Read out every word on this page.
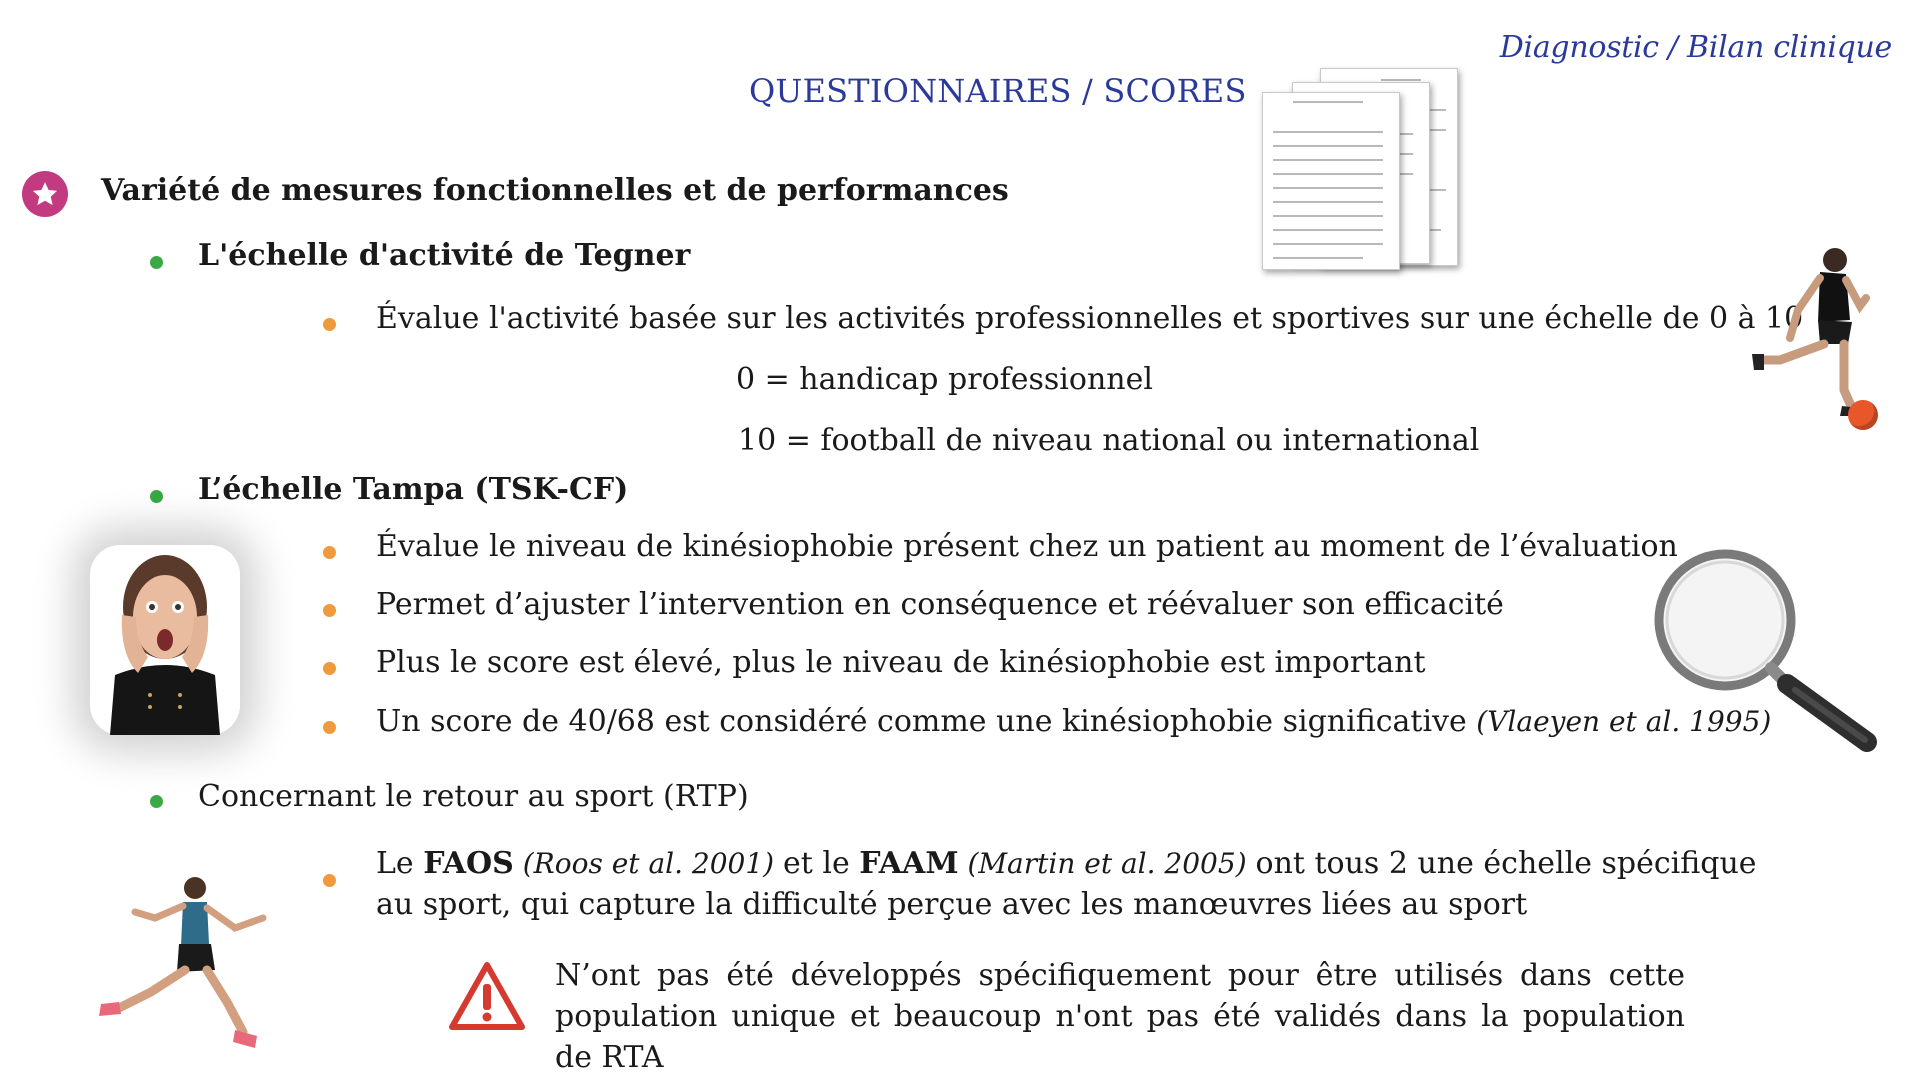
Diagnostic / Bilan clinique
QUESTIONNAIRES / SCORES
Variété de mesures fonctionnelles et de performances
L'échelle d'activité de Tegner
Évalue l'activité basée sur les activités professionnelles et sportives sur une échelle de 0 à 10
0 = handicap professionnel
10 = football de niveau national ou international
L’échelle Tampa (TSK-CF)
Évalue le niveau de kinésiophobie présent chez un patient au moment de l’évaluation
Permet d’ajuster l’intervention en conséquence et réévaluer son efficacité
Plus le score est élevé, plus le niveau de kinésiophobie est important
Un score de 40/68 est considéré comme une kinésiophobie significative (Vlaeyen et al. 1995)
Concernant le retour au sport (RTP)
Le FAOS (Roos et al. 2001) et le FAAM (Martin et al. 2005) ont tous 2 une échelle spécifique
au sport, qui capture la difficulté perçue avec les manœuvres liées au sport
N’ont pas été développés spécifiquement pour être utilisés dans cette population unique et beaucoup n'ont pas été validés dans la population de RTA
